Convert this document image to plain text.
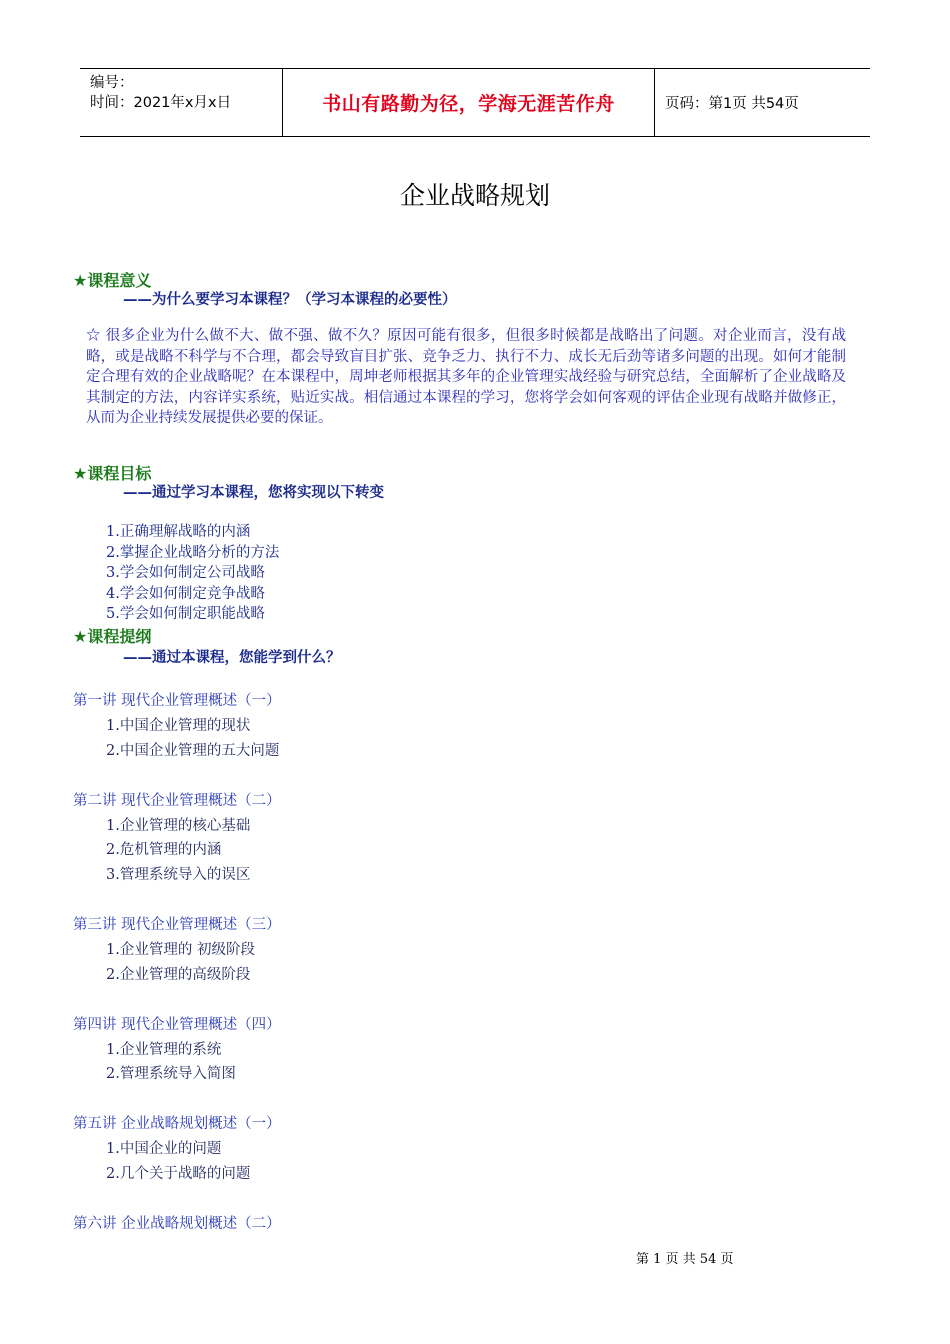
编号：
时间：2021年x月x日	书山有路勤为径，学海无涯苦作舟	页码：第1页 共54页
企业战略规划
★课程意义
——为什么要学习本课程？（学习本课程的必要性）
☆ 很多企业为什么做不大、做不强、做不久？原因可能有很多，但很多时候都是战略出了问题。对企业而言，没有战略，或是战略不科学与不合理，都会导致盲目扩张、竞争乏力、执行不力、成长无后劲等诸多问题的出现。如何才能制定合理有效的企业战略呢？在本课程中，周坤老师根据其多年的企业管理实战经验与研究总结，全面解析了企业战略及其制定的方法，内容详实系统，贴近实战。相信通过本课程的学习，您将学会如何客观的评估企业现有战略并做修正，从而为企业持续发展提供必要的保证。
★课程目标
——通过学习本课程，您将实现以下转变
1.正确理解战略的内涵
2.掌握企业战略分析的方法
3.学会如何制定公司战略
4.学会如何制定竞争战略
5.学会如何制定职能战略
★课程提纲
——通过本课程，您能学到什么？
第一讲 现代企业管理概述（一）
1.中国企业管理的现状
2.中国企业管理的五大问题
第二讲 现代企业管理概述（二）
1.企业管理的核心基础
2.危机管理的内涵
3.管理系统导入的误区
第三讲 现代企业管理概述（三）
1.企业管理的 初级阶段
2.企业管理的高级阶段
第四讲 现代企业管理概述（四）
1.企业管理的系统
2.管理系统导入简图
第五讲 企业战略规划概述（一）
1.中国企业的问题
2.几个关于战略的问题
第六讲 企业战略规划概述（二）
第 1 页 共 54 页
